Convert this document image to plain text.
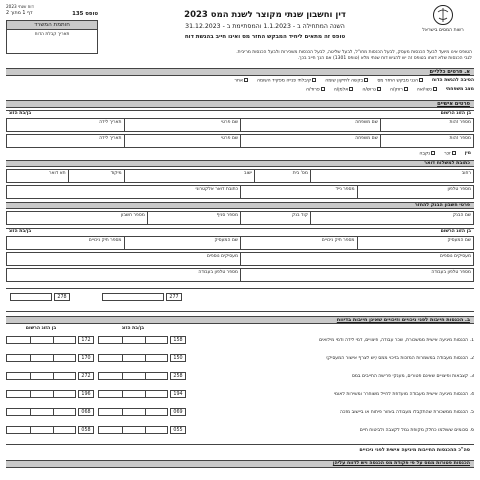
רשות המסים בישראל
דין וחשבון שנתי מקוצר לשנת המס 2023
השנה המתחילה ב - 1.1.2023 והמסתיימת ב - 31.12.2023
טופס זה מתאים ליחיד המבקש החזר מס ואינו חייב בהגשת דוח
דוח שנתי 2023
טופס 135
דף 1 מתוך 2
חותמת המשרד
תאריך קבלת הדוח
הטופס אינו מיועד לבעל הכנסות מעסק, לבעל הכנסות מחו"ל, לבעל שליטה, לבעל הכנסות משכירות ולבעל הכנסות מריבית.
לגבי הכנסות שלא דווחו בטופס זה יש להגיש דוח שנתי מלא (טופס 1301) אם הנך חייב בכך.
א. פרטים כלליים
הסיבה להגשת הדוח
הנני מבקש החזר מס
בקשה לתיקון שומה
קיבלתי פנייה מפקיד השומה
אחר
מצב משפחתי
נשוי/אה
רווק/ה
גרוש/ה
אלמן/ה
פרוד/ה
פרטים אישיים
בן הזוג הרשום
בן/בת הזוג
מספר זהות
שם משפחה
שם פרטי
תאריך לידה
מספר זהות
שם משפחה
שם פרטי
תאריך לידה
מין
זכר
נקבה
כתובת למשלוח דואר
רחוב
מס' בית
ישוב
מיקוד
תא דואר
מספר טלפון
מספר נייד
כתובת דואר אלקטרוני
פרטי חשבון הבנק להחזר
שם הבנק
קוד בנק
מספר סניף
מספר חשבון
בן הזוג הרשום
בן/בת הזוג
שם המעסיק
מספר תיק ניכויים
שם המעסיק
מספר תיק ניכויים
מעסיקים נוספים
מעסיקים נוספים
מספר טלפון בעבודה
מספר טלפון בעבודה
278	277
ב. הכנסות חייבות לפני ניכויים וזיכויים שאינן חייבות בדיווח
בן הזוג הרשום	בן/בת הזוג
1. הכנסות מיגיעה אישית ממשכורת, שכר עבודה, פיצויים, דמי לידה ודמי מילואים
158
172
2. הכנסות מעבודה במשמרות המזכות בזיכוי ממס (יש לצרף אישור המעסיק)
150
170
3. קצבאות ופיצויים שאינם פטורים, מענקי פרישה החייבים במס
258
272
4. הכנסות מיגיעה אישית מעבודה מועדפת לחייל משוחרר ומשירות לאומי
194
196
5. הכנסות ממשכורת שהתקבלו מעבודה באזור פיתוח או ביישוב מזכה
069
068
6. סכומים ששולמו כחלק מקופת גמל לקצבה ולביטוח חיים
055
058
סה"כ ההכנסות החייבות מיגיעה אישית לפני ניכויים
הכנסות פטורות ממס על פי פקודת מס הכנסה ויש לדווח עליהן
